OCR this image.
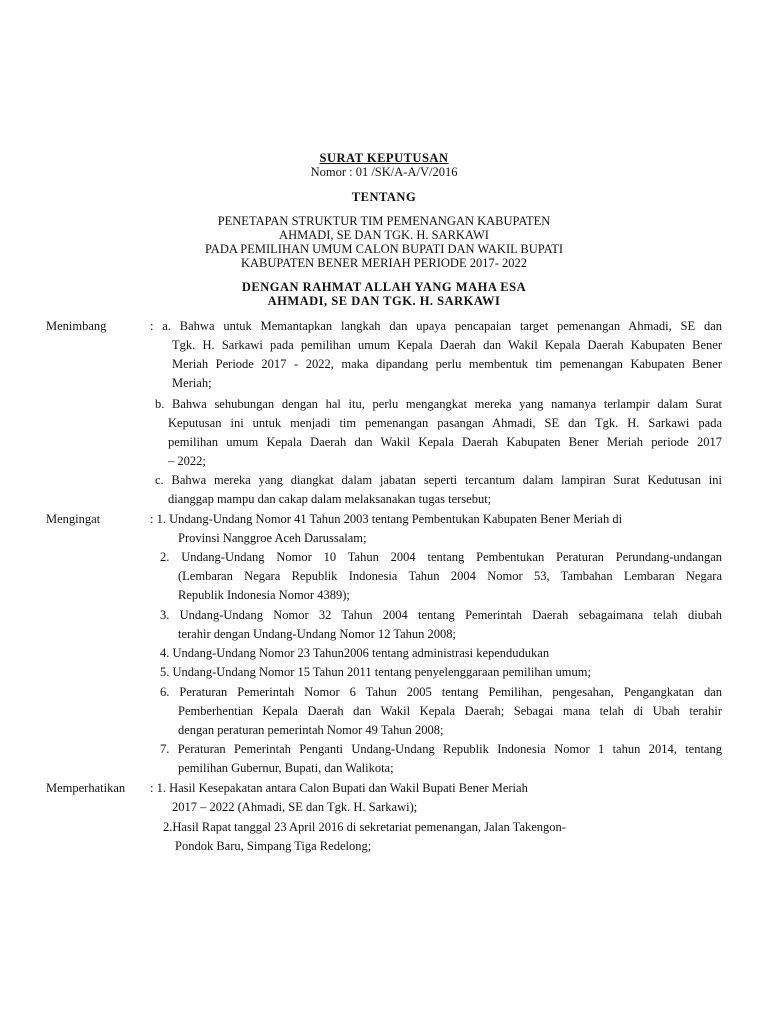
SURAT KEPUTUSAN
Nomor : 01 /SK/A-A/V/2016
TENTANG
PENETAPAN STRUKTUR TIM PEMENANGAN KABUPATEN
AHMADI, SE DAN TGK. H. SARKAWI
PADA PEMILIHAN UMUM CALON BUPATI DAN WAKIL BUPATI
KABUPATEN BENER MERIAH PERIODE 2017- 2022
DENGAN RAHMAT ALLAH YANG MAHA ESA
AHMADI, SE DAN TGK. H. SARKAWI
Menimbang	: a. Bahwa untuk Memantapkan langkah dan upaya pencapaian target pemenangan Ahmadi, SE dan
Tgk. H. Sarkawi pada pemilihan umum Kepala Daerah dan Wakil Kepala Daerah Kabupaten Bener
Meriah Periode 2017 - 2022, maka dipandang perlu membentuk tim pemenangan Kabupaten Bener
Meriah;
b. Bahwa sehubungan dengan hal itu, perlu mengangkat mereka yang namanya terlampir dalam Surat
Keputusan ini untuk menjadi tim pemenangan pasangan Ahmadi, SE dan Tgk. H. Sarkawi pada
pemilihan umum Kepala Daerah dan Wakil Kepala Daerah Kabupaten Bener Meriah periode 2017
– 2022;
c. Bahwa mereka yang diangkat dalam jabatan seperti tercantum dalam lampiran Surat Kedutusan ini
dianggap mampu dan cakap dalam melaksanakan tugas tersebut;
Mengingat	: 1. Undang-Undang Nomor 41 Tahun 2003 tentang Pembentukan Kabupaten Bener Meriah di
Provinsi Nanggroe Aceh Darussalam;
2. Undang-Undang Nomor 10 Tahun 2004 tentang Pembentukan Peraturan Perundang-undangan
(Lembaran Negara Republik Indonesia Tahun 2004 Nomor 53, Tambahan Lembaran Negara
Republik Indonesia Nomor 4389);
3. Undang-Undang Nomor 32 Tahun 2004 tentang Pemerintah Daerah sebagaimana telah diubah
terahir dengan Undang-Undang Nomor 12 Tahun 2008;
4. Undang-Undang Nomor 23 Tahun2006 tentang administrasi kependudukan
5. Undang-Undang Nomor 15 Tahun 2011 tentang penyelenggaraan pemilihan umum;
6. Peraturan Pemerintah Nomor 6 Tahun 2005 tentang Pemilihan, pengesahan, Pengangkatan dan
Pemberhentian Kepala Daerah dan Wakil Kepala Daerah; Sebagai mana telah di Ubah terahir
dengan peraturan pemerintah Nomor 49 Tahun 2008;
7. Peraturan Pemerintah Penganti Undang-Undang Republik Indonesia Nomor 1 tahun 2014, tentang
pemilihan Gubernur, Bupati, dan Walikota;
Memperhatikan : 1. Hasil Kesepakatan antara Calon Bupati dan Wakil Bupati Bener Meriah
2017 – 2022 (Ahmadi, SE dan Tgk. H. Sarkawi);
2.Hasil Rapat tanggal 23 April 2016 di sekretariat pemenangan, Jalan Takengon-
Pondok Baru, Simpang Tiga Redelong;
